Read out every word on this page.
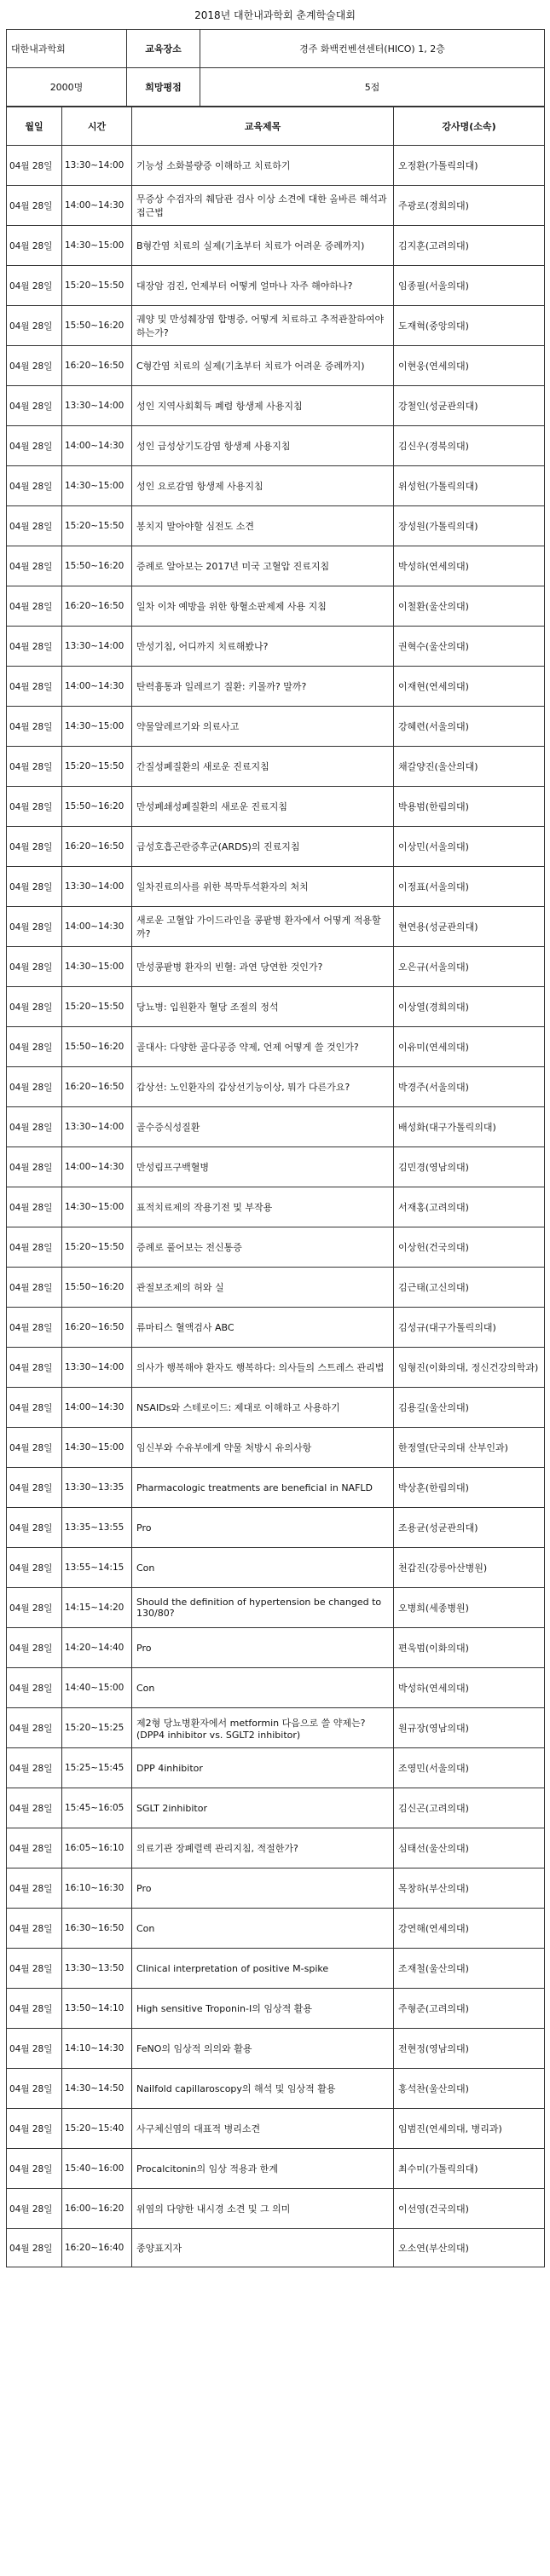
2018년 대한내과학회 춘계학술대회
대한내과학회	교육장소	경주 화백컨벤션센터(HICO) 1, 2층
2000명	희망평점	5점
월일	시간	교육제목	강사명(소속)
04월 28일	13:30~14:00	기능성 소화불량증 이해하고 치료하기	오정환(가톨릭의대)
04월 28일	14:00~14:30	무증상 수검자의 췌담관 검사 이상 소견에 대한 올바른 해석과 접근법	주광로(경희의대)
04월 28일	14:30~15:00	B형간염 치료의 실제(기초부터 치료가 어려운 증례까지)	김지훈(고려의대)
04월 28일	15:20~15:50	대장암 검진, 언제부터 어떻게 얼마나 자주 해야하나?	임종필(서울의대)
04월 28일	15:50~16:20	궤양 및 만성췌장염 합병증, 어떻게 치료하고 추적관찰하여야 하는가?	도재혁(중앙의대)
04월 28일	16:20~16:50	C형간염 치료의 실제(기초부터 치료가 어려운 증례까지)	이현웅(연세의대)
04월 28일	13:30~14:00	성인 지역사회획득 폐렴 항생제 사용지침	강철인(성균관의대)
04월 28일	14:00~14:30	성인 급성상기도감염 항생제 사용지침	김신우(경북의대)
04월 28일	14:30~15:00	성인 요로감염 항생제 사용지침	위성헌(가톨릭의대)
04월 28일	15:20~15:50	봉치지 말아야할 심전도 소견	장성원(가톨릭의대)
04월 28일	15:50~16:20	증례로 알아보는 2017년 미국 고혈압 진료지침	박성하(연세의대)
04월 28일	16:20~16:50	일차 이차 예방을 위한 항혈소판제제 사용 지침	이철환(울산의대)
04월 28일	13:30~14:00	만성기침, 어디까지 치료해봤나?	권혁수(울산의대)
04월 28일	14:00~14:30	탄력흉통과 일레르기 질환: 키몰까? 말까?	이재현(연세의대)
04월 28일	14:30~15:00	약물알레르기와 의료사고	강혜련(서울의대)
04월 28일	15:20~15:50	간질성폐질환의 새로운 진료지침	채갈양진(울산의대)
04월 28일	15:50~16:20	만성폐쇄성폐질환의 새로운 진료지침	박용범(한림의대)
04월 28일	16:20~16:50	급성호흡곤란증후군(ARDS)의 진료지침	이상민(서울의대)
04월 28일	13:30~14:00	일차진료의사를 위한 복막투석환자의 처치	이정표(서울의대)
04월 28일	14:00~14:30	새로운 고혈압 가이드라인을 콩팥병 환자에서 어떻게 적용할까?	현연용(성균관의대)
04월 28일	14:30~15:00	만성콩팥병 환자의 빈혈: 과연 당연한 것인가?	오은규(서울의대)
04월 28일	15:20~15:50	당뇨병: 입원환자 혈당 조절의 정석	이상열(경희의대)
04월 28일	15:50~16:20	골대사: 다양한 골다공증 약제, 언제 어떻게 쓸 것인가?	이유미(연세의대)
04월 28일	16:20~16:50	갑상선: 노인환자의 갑상선기능이상, 뭐가 다른가요?	박경주(서울의대)
04월 28일	13:30~14:00	골수증식성질환	배성화(대구가톨릭의대)
04월 28일	14:00~14:30	만성림프구백혈병	김민경(영남의대)
04월 28일	14:30~15:00	표적치료제의 작용기전 및 부작용	서재홍(고려의대)
04월 28일	15:20~15:50	증례로 풀어보는 전신통증	이상헌(건국의대)
04월 28일	15:50~16:20	관절보조제의 허와 실	김근태(고신의대)
04월 28일	16:20~16:50	류마티스 혈액검사 ABC	김성규(대구가톨릭의대)
04월 28일	13:30~14:00	의사가 행복해야 환자도 행복하다: 의사들의 스트레스 관리법	임형진(이화의대, 정신건강의학과)
04월 28일	14:00~14:30	NSAIDs와 스테로이드: 제대로 이해하고 사용하기	김용길(울산의대)
04월 28일	14:30~15:00	임신부와 수유부에게 약물 처방시 유의사항	한정열(단국의대 산부인과)
04월 28일	13:30~13:35	Pharmacologic treatments are beneficial in NAFLD	박상훈(한림의대)
04월 28일	13:35~13:55	Pro	조용균(성균관의대)
04월 28일	13:55~14:15	Con	천갑진(강릉아산병원)
04월 28일	14:15~14:20	Should the definition of hypertension be changed to 130/80?	오병희(세종병원)
04월 28일	14:20~14:40	Pro	편욱범(이화의대)
04월 28일	14:40~15:00	Con	박성하(연세의대)
04월 28일	15:20~15:25	제2형 당뇨병환자에서 metformin 다음으로 쓸 약제는?(DPP4 inhibitor vs. SGLT2 inhibitor)	원규장(영남의대)
04월 28일	15:25~15:45	DPP 4inhibitor	조영민(서울의대)
04월 28일	15:45~16:05	SGLT 2inhibitor	김신곤(고려의대)
04월 28일	16:05~16:10	의료기관 장폐렬렉 관리지침, 적절한가?	심태선(울산의대)
04월 28일	16:10~16:30	Pro	목창하(부산의대)
04월 28일	16:30~16:50	Con	강연해(연세의대)
04월 28일	13:30~13:50	Clinical interpretation of positive M-spike	조재철(울산의대)
04월 28일	13:50~14:10	High sensitive Troponin-I의 임상적 활용	주형준(고려의대)
04월 28일	14:10~14:30	FeNO의 임상적 의의와 활용	전현정(영남의대)
04월 28일	14:30~14:50	Nailfold capillaroscopy의 해석 및 임상적 활용	홍석찬(울산의대)
04월 28일	15:20~15:40	사구체신염의 대표적 병리소견	임범진(연세의대, 병리과)
04월 28일	15:40~16:00	Procalcitonin의 임상 적용과 한계	최수미(가톨릭의대)
04월 28일	16:00~16:20	위염의 다양한 내시경 소견 및 그 의미	이선영(건국의대)
04월 28일	16:20~16:40	종양표지자	오소연(부산의대)
